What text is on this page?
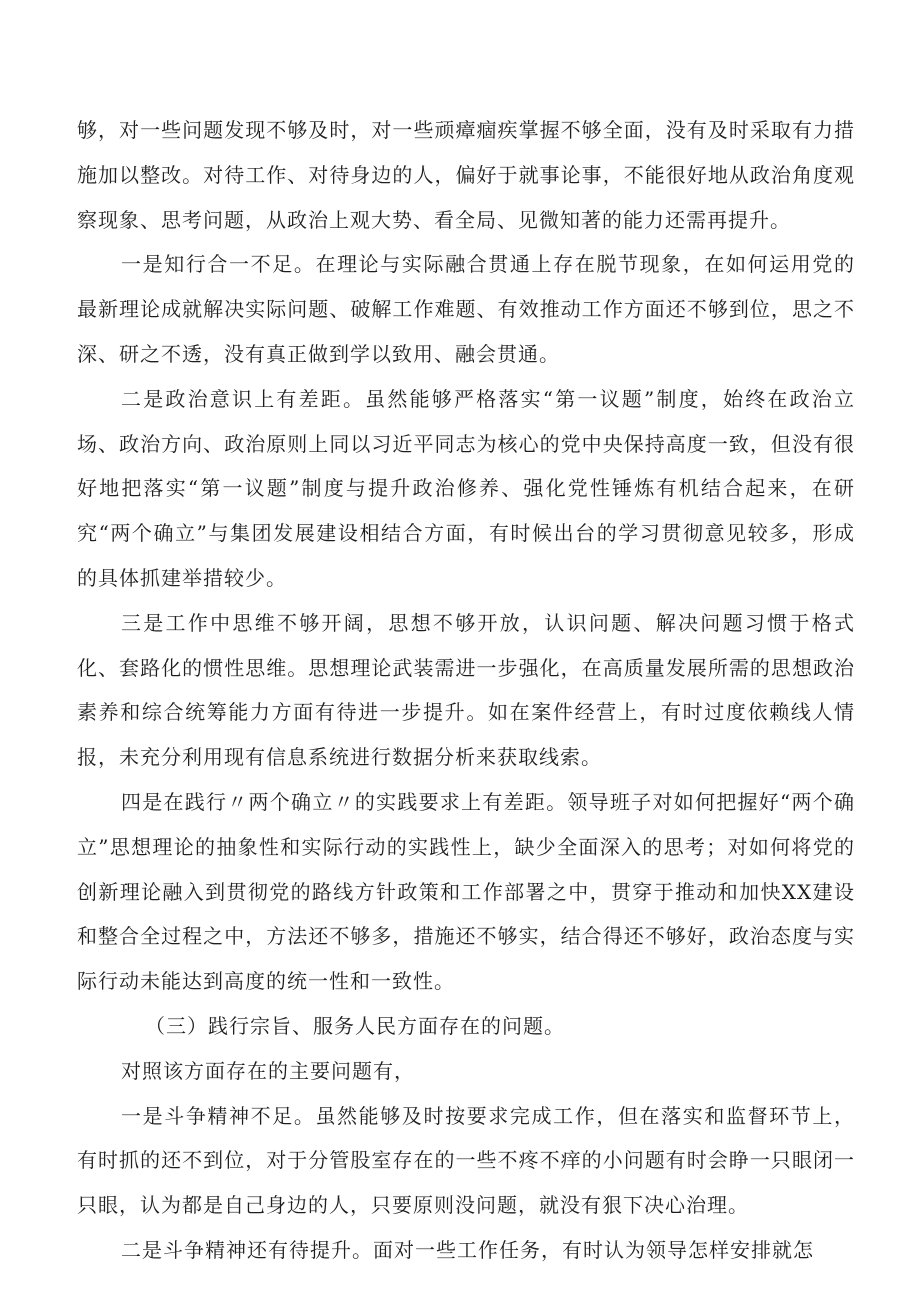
够，对一些问题发现不够及时，对一些顽瘴痼疾掌握不够全面，没有及时采取有力措施加以整改。对待工作、对待身边的人，偏好于就事论事，不能很好地从政治角度观察现象、思考问题，从政治上观大势、看全局、见微知著的能力还需再提升。

一是知行合一不足。在理论与实际融合贯通上存在脱节现象，在如何运用党的最新理论成就解决实际问题、破解工作难题、有效推动工作方面还不够到位，思之不深、研之不透，没有真正做到学以致用、融会贯通。

二是政治意识上有差距。虽然能够严格落实“第一议题”制度，始终在政治立场、政治方向、政治原则上同以习近平同志为核心的党中央保持高度一致，但没有很好地把落实“第一议题”制度与提升政治修养、强化党性锤炼有机结合起来，在研究“两个确立”与集团发展建设相结合方面，有时候出台的学习贯彻意见较多，形成的具体抓建举措较少。

三是工作中思维不够开阔，思想不够开放，认识问题、解决问题习惯于格式化、套路化的惯性思维。思想理论武装需进一步强化，在高质量发展所需的思想政治素养和综合统筹能力方面有待进一步提升。如在案件经营上，有时过度依赖线人情报，未充分利用现有信息系统进行数据分析来获取线索。

四是在践行〃两个确立〃的实践要求上有差距。领导班子对如何把握好“两个确立”思想理论的抽象性和实际行动的实践性上，缺少全面深入的思考；对如何将党的创新理论融入到贯彻党的路线方针政策和工作部署之中，贯穿于推动和加快XX建设和整合全过程之中，方法还不够多，措施还不够实，结合得还不够好，政治态度与实际行动未能达到高度的统一性和一致性。

（三）践行宗旨、服务人民方面存在的问题。

对照该方面存在的主要问题有，

一是斗争精神不足。虽然能够及时按要求完成工作，但在落实和监督环节上，有时抓的还不到位，对于分管股室存在的一些不疼不痒的小问题有时会睁一只眼闭一只眼，认为都是自己身边的人，只要原则没问题，就没有狠下决心治理。

二是斗争精神还有待提升。面对一些工作任务，有时认为领导怎样安排就怎
